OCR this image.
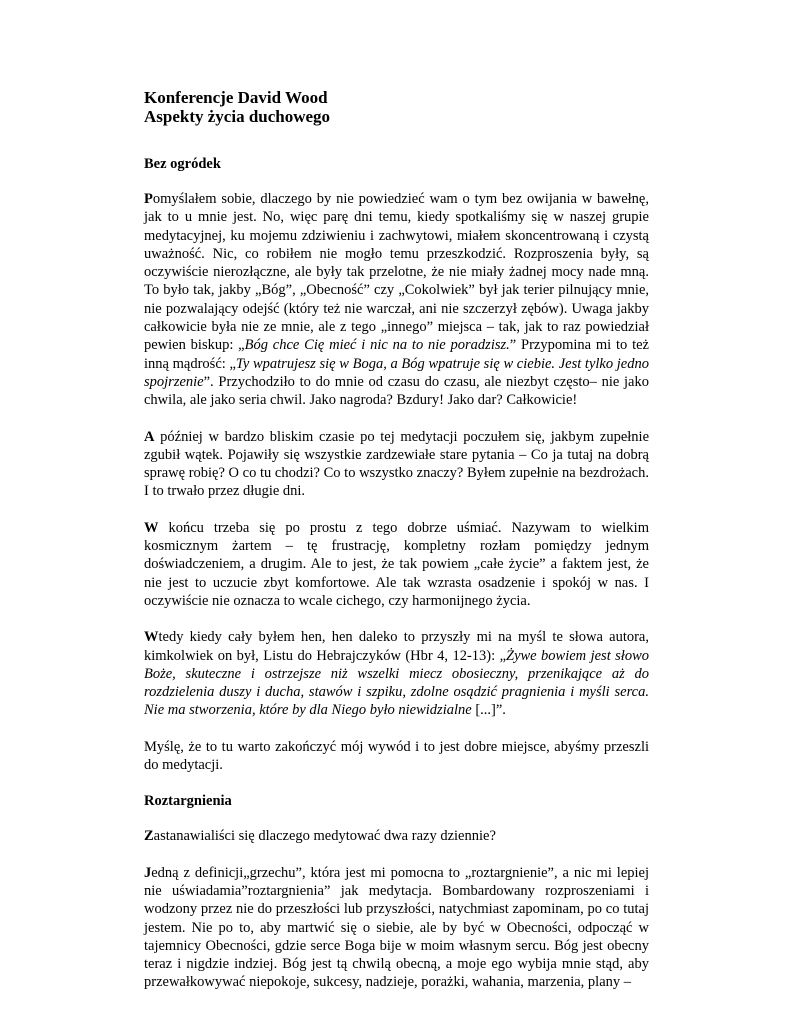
Konferencje David Wood
Aspekty życia duchowego
Bez ogródek

Pomyślałem sobie, dlaczego by nie powiedzieć wam o tym bez owijania w bawełnę, jak to u mnie jest. No, więc parę dni temu, kiedy spotkaliśmy się w naszej grupie medytacyjnej, ku mojemu zdziwieniu i zachwytowi, miałem skoncentrowaną i czystą uważność. Nic, co robiłem nie mogło temu przeszkodzić. Rozproszenia były, są oczywiście nierozłączne, ale były tak przelotne, że nie miały żadnej mocy nade mną. To było tak, jakby „Bóg”, „Obecność” czy „Cokolwiek” był jak terier pilnujący mnie, nie pozwalający odejść (który też nie warczał, ani nie szczerzył zębów). Uwaga jakby całkowicie była nie ze mnie, ale z tego „innego” miejsca – tak, jak to raz powiedział pewien biskup: „Bóg chce Cię mieć i nic na to nie poradzisz.” Przypomina mi to też inną mądrość: „Ty wpatrujesz się w Boga, a Bóg wpatruje się w ciebie. Jest tylko jedno spojrzenie”. Przychodziło to do mnie od czasu do czasu, ale niezbyt często– nie jako chwila, ale jako seria chwil. Jako nagroda? Bzdury! Jako dar? Całkowicie!

A później w bardzo bliskim czasie po tej medytacji poczułem się, jakbym zupełnie zgubił wątek. Pojawiły się wszystkie zardzewiałe stare pytania – Co ja tutaj na dobrą sprawę robię? O co tu chodzi? Co to wszystko znaczy? Byłem zupełnie na bezdrożach. I to trwało przez długie dni.

W końcu trzeba się po prostu z tego dobrze uśmiać. Nazywam to wielkim kosmicznym żartem – tę frustrację, kompletny rozłam pomiędzy jednym doświadczeniem, a drugim. Ale to jest, że tak powiem „całe życie” a faktem jest, że nie jest to uczucie zbyt komfortowe. Ale tak wzrasta osadzenie i spokój w nas. I oczywiście nie oznacza to wcale cichego, czy harmonijnego życia.

Wtedy kiedy cały byłem hen, hen daleko to przyszły mi na myśl te słowa autora, kimkolwiek on był, Listu do Hebrajczyków (Hbr 4, 12-13): „Żywe bowiem jest słowo Boże, skuteczne i ostrzejsze niż wszelki miecz obosieczny, przenikające aż do rozdzielenia duszy i ducha, stawów i szpiku, zdolne osądzić pragnienia i myśli serca. Nie ma stworzenia, które by dla Niego było niewidzialne [...]”.

Myślę, że to tu warto zakończyć mój wywód i to jest dobre miejsce, abyśmy przeszli do medytacji.

Roztargnienia

Zastanawialiści się dlaczego medytować dwa razy dziennie?

Jedną z definicji„grzechu”, która jest mi pomocna to „roztargnienie”, a nic mi lepiej nie uświadamia”roztargnienia” jak medytacja. Bombardowany rozproszeniami i wodzony przez nie do przeszłości lub przyszłości, natychmiast zapominam, po co tutaj jestem. Nie po to, aby martwić się o siebie, ale by być w Obecności, odpocząć w tajemnicy Obecności, gdzie serce Boga bije w moim własnym sercu. Bóg jest obecny teraz i nigdzie indziej. Bóg jest tą chwilą obecną, a moje ego wybija mnie stąd, aby przewałkowywać niepokoje, sukcesy, nadzieje, porażki, wahania, marzenia, plany –
